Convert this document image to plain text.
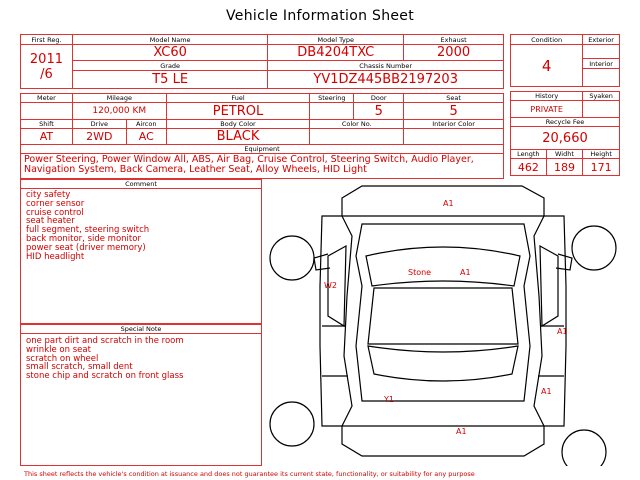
Vehicle Information Sheet
First Reg.	Model Name			Model Type			Exhaust

2011
/6	XC60			DB4204TXC			2000
	Grade			Chassis Number			
	T5 LE			YV1DZ445BB2197203			

Meter	Mileage		Fuel		Steering	Door	Seat
	120,000 KM		PETROL			5	5
Shift	Drive	Aircon	Body Color		Color No.		Interior Color
AT	2WD	AC	BLACK				
Equipment							
Power Steering, Power Window All, ABS, Air Bag, Cruise Control, Steering Switch, Audio Player, Navigation System, Back Camera, Leather Seat, Alloy Wheels, HID Light							
Condition		Exterior
4		
		Interior

History		Syaken
PRIVATE		
Recycle Fee		
20,660		
Length	Widht	Height
462	189	171
Comment
city safety
corner sensor
cruise control
seat heater
full segment, steering switch
back monitor, side monitor
power seat (driver memory)
HID headlight
Special Note
one part dirt and scratch in the room
wrinkle on seat
scratch on wheel
small scratch, small dent
stone chip and scratch on front glass
A1
Stone	A1
W2
A1
A1
Y1
A1
This sheet reflects the vehicle's condition at issuance and does not guarantee its current state, functionality, or suitability for any purpose
